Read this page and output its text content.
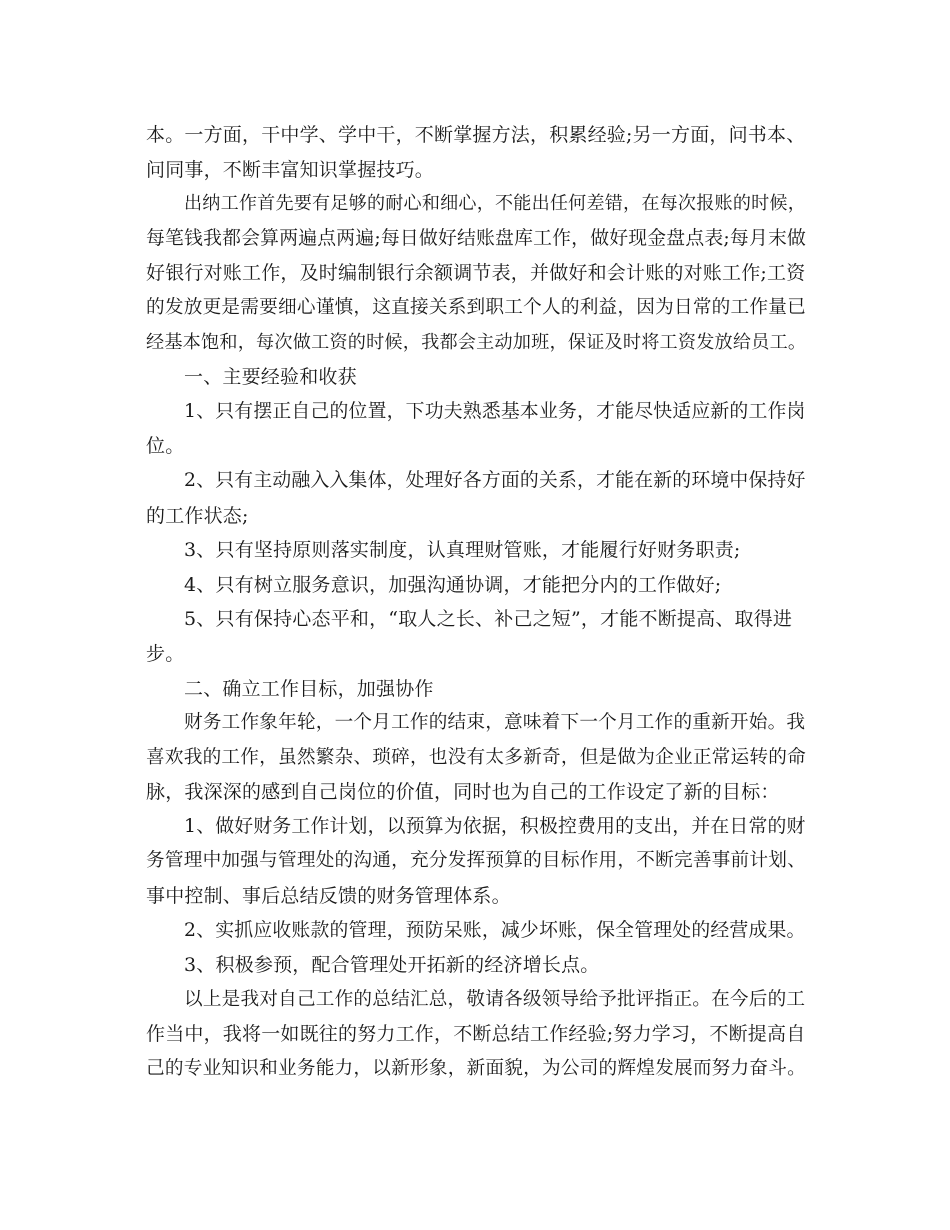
本。一方面，干中学、学中干，不断掌握方法，积累经验;另一方面，问书本、
问同事，不断丰富知识掌握技巧。
出纳工作首先要有足够的耐心和细心，不能出任何差错，在每次报账的时候，
每笔钱我都会算两遍点两遍;每日做好结账盘库工作，做好现金盘点表;每月末做
好银行对账工作，及时编制银行余额调节表，并做好和会计账的对账工作;工资
的发放更是需要细心谨慎，这直接关系到职工个人的利益，因为日常的工作量已
经基本饱和，每次做工资的时候，我都会主动加班，保证及时将工资发放给员工。
一、主要经验和收获
1、只有摆正自己的位置，下功夫熟悉基本业务，才能尽快适应新的工作岗
位。
2、只有主动融入入集体，处理好各方面的关系，才能在新的环境中保持好
的工作状态;
3、只有坚持原则落实制度，认真理财管账，才能履行好财务职责;
4、只有树立服务意识，加强沟通协调，才能把分内的工作做好;
5、只有保持心态平和，“取人之长、补己之短”，才能不断提高、取得进
步。
二、确立工作目标，加强协作
财务工作象年轮，一个月工作的结束，意味着下一个月工作的重新开始。我
喜欢我的工作，虽然繁杂、琐碎，也没有太多新奇，但是做为企业正常运转的命
脉，我深深的感到自己岗位的价值，同时也为自己的工作设定了新的目标：
1、做好财务工作计划，以预算为依据，积极控费用的支出，并在日常的财
务管理中加强与管理处的沟通，充分发挥预算的目标作用，不断完善事前计划、
事中控制、事后总结反馈的财务管理体系。
2、实抓应收账款的管理，预防呆账，减少坏账，保全管理处的经营成果。
3、积极参预，配合管理处开拓新的经济增长点。
以上是我对自己工作的总结汇总，敬请各级领导给予批评指正。在今后的工
作当中，我将一如既往的努力工作，不断总结工作经验;努力学习，不断提高自
己的专业知识和业务能力，以新形象，新面貌，为公司的辉煌发展而努力奋斗。
